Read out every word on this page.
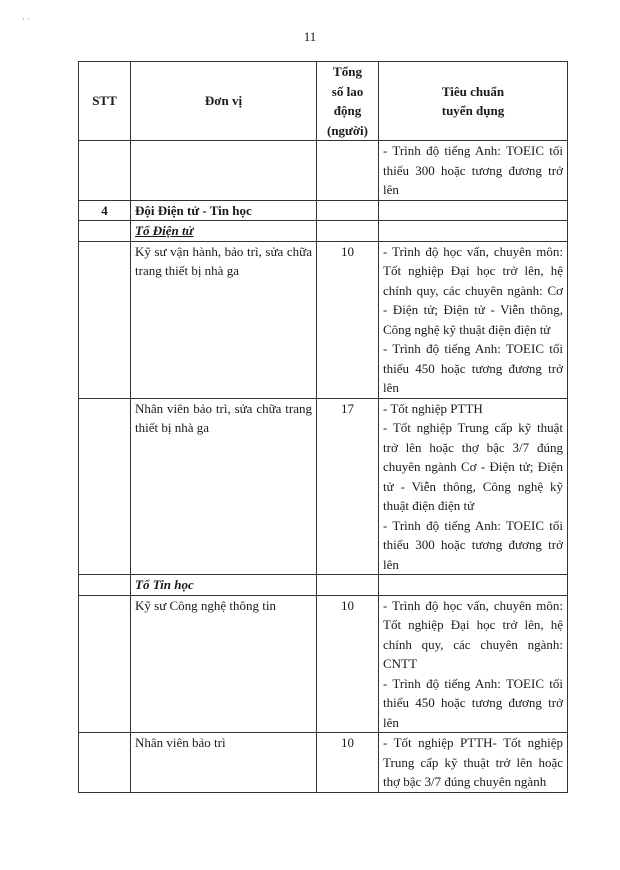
· ·
11
STT	Đơn vị	Tổng
số lao
động
(người)	Tiêu chuẩn
tuyển dụng

			- Trình độ tiếng Anh: TOEIC tối thiểu 300 hoặc tương đương trở lên
4	Đội Điện tử - Tin học		
	Tổ Điện tử		
	Kỹ sư vận hành, bảo trì, sửa chữa trang thiết bị nhà ga	10	- Trình độ học vấn, chuyên môn: Tốt nghiệp Đại học trở lên, hệ chính quy, các chuyên ngành: Cơ - Điện tử; Điện tử - Viễn thông, Công nghệ kỹ thuật điện điện tử
- Trình độ tiếng Anh: TOEIC tối thiểu 450 hoặc tương đương trở lên

	Nhân viên bảo trì, sửa chữa trang thiết bị nhà ga	17	- Tốt nghiệp PTTH
- Tốt nghiệp Trung cấp kỹ thuật trở lên hoặc thợ bậc 3/7 đúng chuyên ngành Cơ - Điện tử; Điện tử - Viễn thông, Công nghệ kỹ thuật điện điện tử
- Trình độ tiếng Anh: TOEIC tối thiểu 300 hoặc tương đương trở lên

	Tổ Tin học		
	Kỹ sư Công nghệ thông tin	10	- Trình độ học vấn, chuyên môn: Tốt nghiệp Đại học trở lên, hệ chính quy, các chuyên ngành: CNTT
- Trình độ tiếng Anh: TOEIC tối thiểu 450 hoặc tương đương trở lên

	Nhân viên bảo trì	10	- Tốt nghiệp PTTH- Tốt nghiệp Trung cấp kỹ thuật trở lên hoặc thợ bậc 3/7 đúng chuyên ngành
